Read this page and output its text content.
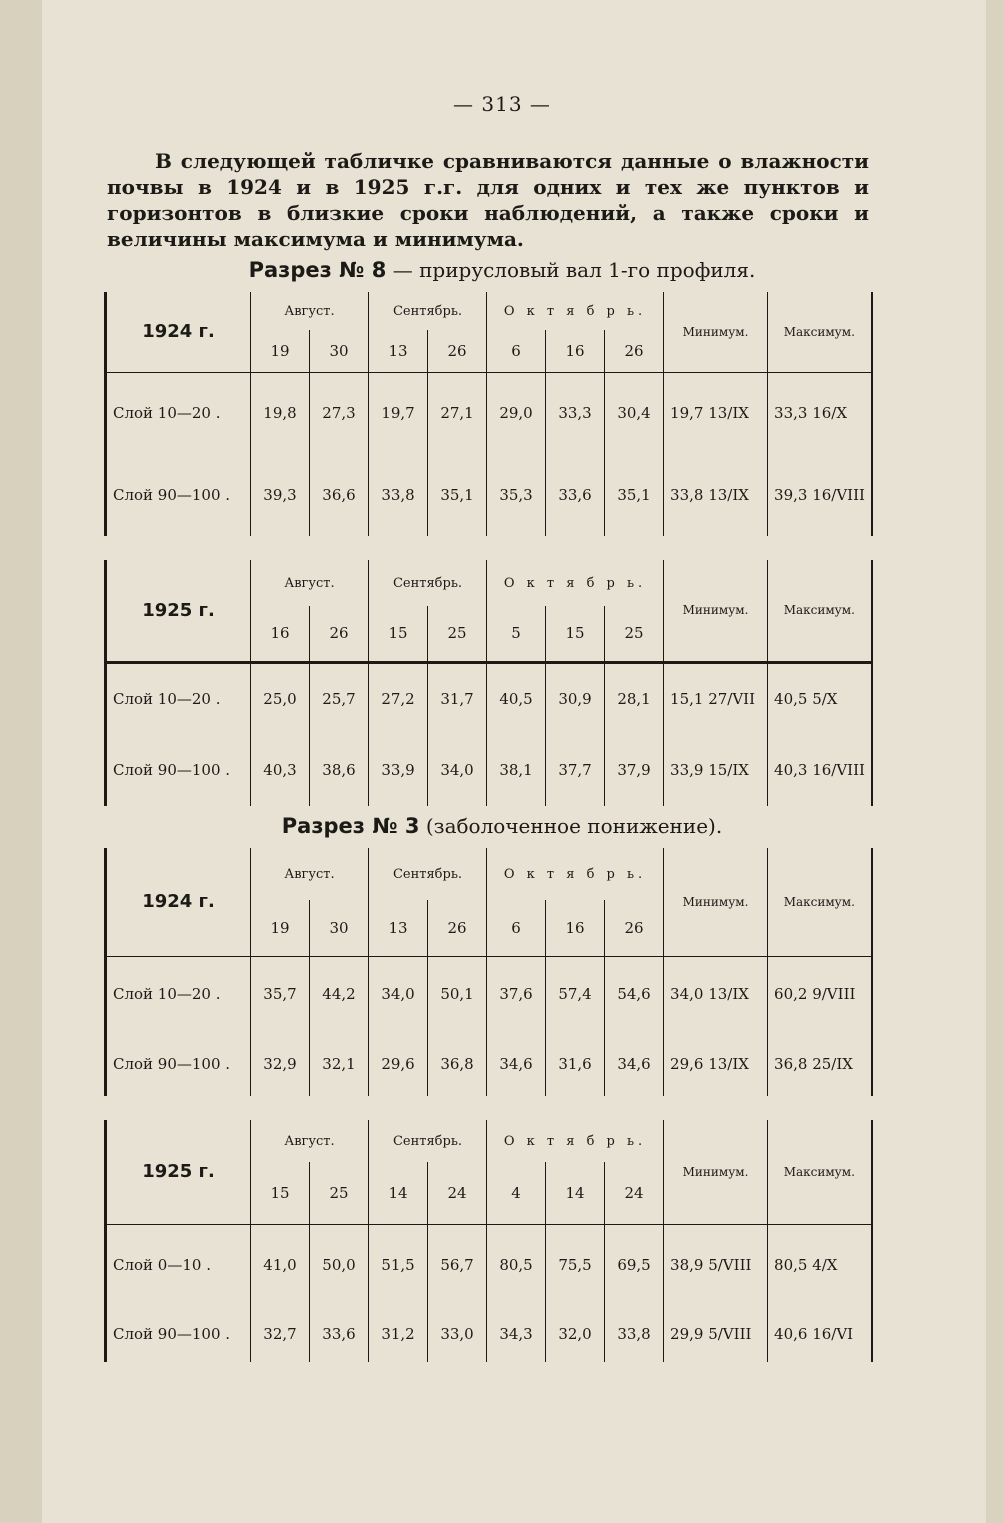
— 313 —

В следующей табличке сравниваются данные о влажности почвы в 1924 и в 1925 г.г. для одних и тех же пунктов и горизонтов в близкие сроки наблюдений, а также сроки и величины максимума и минимума.

Разрез № 8 — прирусловый вал 1-го профиля.
1924 г.	Август.		Сентябрь.		О к т я б р ь.			Минимум.	Максимум.
	19	30	13	26	6	16	26		
Слой 10—20 .	19,8	27,3	19,7	27,1	29,0	33,3	30,4	19,7 13/IX	33,3 16/X
Слой 90—100 .	39,3	36,6	33,8	35,1	35,3	33,6	35,1	33,8 13/IX	39,3 16/VIII
1925 г.	Август.		Сентябрь.		О к т я б р ь.			Минимум.	Максимум.
	16	26	15	25	5	15	25		
Слой 10—20 .	25,0	25,7	27,2	31,7	40,5	30,9	28,1	15,1 27/VII	40,5 5/X
Слой 90—100 .	40,3	38,6	33,9	34,0	38,1	37,7	37,9	33,9 15/IX	40,3 16/VIII
Разрез № 3 (заболоченное понижение).
1924 г.	Август.		Сентябрь.		О к т я б р ь.			Минимум.	Максимум.
	19	30	13	26	6	16	26		
Слой 10—20 .	35,7	44,2	34,0	50,1	37,6	57,4	54,6	34,0 13/IX	60,2 9/VIII
Слой 90—100 .	32,9	32,1	29,6	36,8	34,6	31,6	34,6	29,6 13/IX	36,8 25/IX
1925 г.	Август.		Сентябрь.		О к т я б р ь.			Минимум.	Максимум.
	15	25	14	24	4	14	24		
Слой 0—10 .	41,0	50,0	51,5	56,7	80,5	75,5	69,5	38,9 5/VIII	80,5 4/X
Слой 90—100 .	32,7	33,6	31,2	33,0	34,3	32,0	33,8	29,9 5/VIII	40,6 16/VI
